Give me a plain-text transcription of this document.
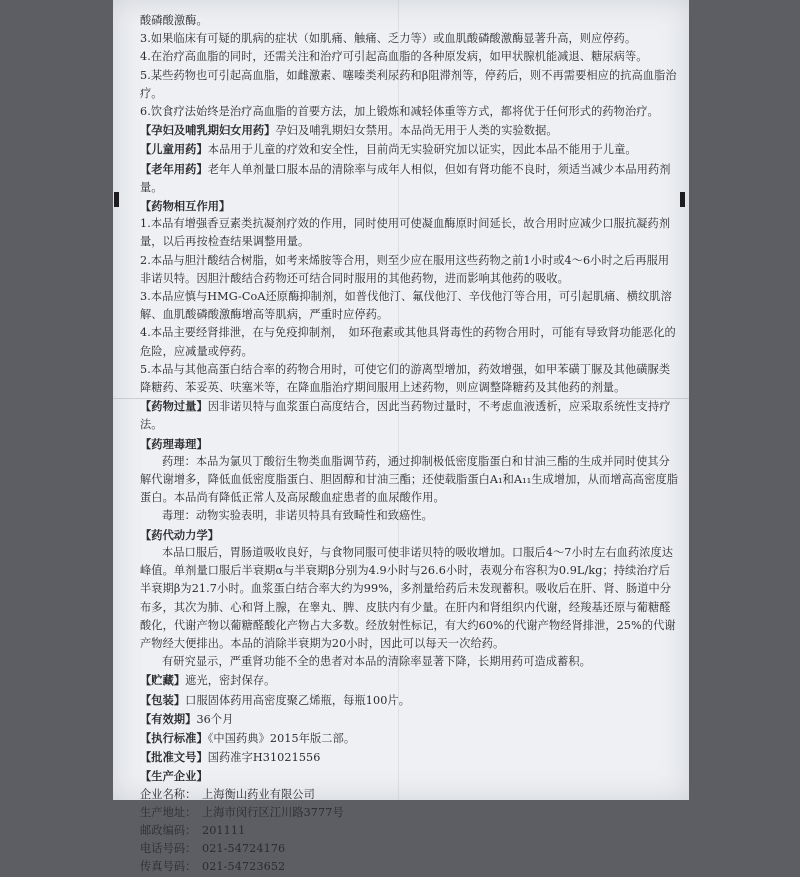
酸磷酸激酶。

3.如果临床有可疑的肌病的症状（如肌痛、触痛、乏力等）或血肌酸磷酸激酶显著升高，则应停药。

4.在治疗高血脂的同时，还需关注和治疗可引起高血脂的各种原发病，如甲状腺机能减退、糖尿病等。

5.某些药物也可引起高血脂，如雌激素、噻嗪类利尿药和β阻滞剂等，停药后，则不再需要相应的抗高血脂治疗。

6.饮食疗法始终是治疗高血脂的首要方法，加上锻炼和减轻体重等方式，都将优于任何形式的药物治疗。

【孕妇及哺乳期妇女用药】孕妇及哺乳期妇女禁用。本品尚无用于人类的实验数据。

【儿童用药】本品用于儿童的疗效和安全性，目前尚无实验研究加以证实，因此本品不能用于儿童。

【老年用药】老年人单剂量口服本品的清除率与成年人相似，但如有肾功能不良时，须适当减少本品用药剂量。

【药物相互作用】

1.本品有增强香豆素类抗凝剂疗效的作用，同时使用可使凝血酶原时间延长，故合用时应减少口服抗凝药剂量，以后再按检查结果调整用量。

2.本品与胆汁酸结合树脂，如考来烯胺等合用，则至少应在服用这些药物之前1小时或4～6小时之后再服用非诺贝特。因胆汁酸结合药物还可结合同时服用的其他药物，进而影响其他药的吸收。

3.本品应慎与HMG-CoA还原酶抑制剂，如普伐他汀、氟伐他汀、辛伐他汀等合用，可引起肌痛、横纹肌溶解、血肌酸磷酸激酶增高等肌病，严重时应停药。

4.本品主要经肾排泄，在与免疫抑制剂，　如环孢素或其他具肾毒性的药物合用时，可能有导致肾功能恶化的危险，应减量或停药。

5.本品与其他高蛋白结合率的药物合用时，可使它们的游离型增加，药效增强，如甲苯磺丁脲及其他磺脲类降糖药、苯妥英、呋塞米等，在降血脂治疗期间服用上述药物，则应调整降糖药及其他药的剂量。

【药物过量】因非诺贝特与血浆蛋白高度结合，因此当药物过量时，不考虑血液透析，应采取系统性支持疗法。

【药理毒理】

药理：本品为氯贝丁酸衍生物类血脂调节药，通过抑制极低密度脂蛋白和甘油三酯的生成并同时使其分解代谢增多，降低血低密度脂蛋白、胆固醇和甘油三酯；还使载脂蛋白A₁和A₁₁生成增加，从而增高高密度脂蛋白。本品尚有降低正常人及高尿酸血症患者的血尿酸作用。

毒理：动物实验表明，非诺贝特具有致畸性和致癌性。

【药代动力学】

本品口服后，胃肠道吸收良好，与食物同服可使非诺贝特的吸收增加。口服后4～7小时左右血药浓度达峰值。单剂量口服后半衰期α与半衰期β分别为4.9小时与26.6小时，表观分布容积为0.9L/kg；持续治疗后半衰期β为21.7小时。血浆蛋白结合率大约为99%，多剂量给药后未发现蓄积。吸收后在肝、肾、肠道中分布多，其次为肺、心和肾上腺，在睾丸、脾、皮肤内有少量。在肝内和肾组织内代谢，经羧基还原与葡糖醛酸化，代谢产物以葡糖醛酸化产物占大多数。经放射性标记，有大约60%的代谢产物经肾排泄，25%的代谢产物经大便排出。本品的消除半衰期为20小时，因此可以每天一次给药。

有研究显示，严重肾功能不全的患者对本品的清除率显著下降，长期用药可造成蓄积。

【贮藏】遮光，密封保存。

【包装】口服固体药用高密度聚乙烯瓶，每瓶100片。

【有效期】36个月

【执行标准】《中国药典》2015年版二部。

【批准文号】国药准字H31021556

【生产企业】

企业名称： 上海衡山药业有限公司
生产地址： 上海市闵行区江川路3777号
邮政编码： 201111
电话号码： 021-54724176
传真号码： 021-54723652
